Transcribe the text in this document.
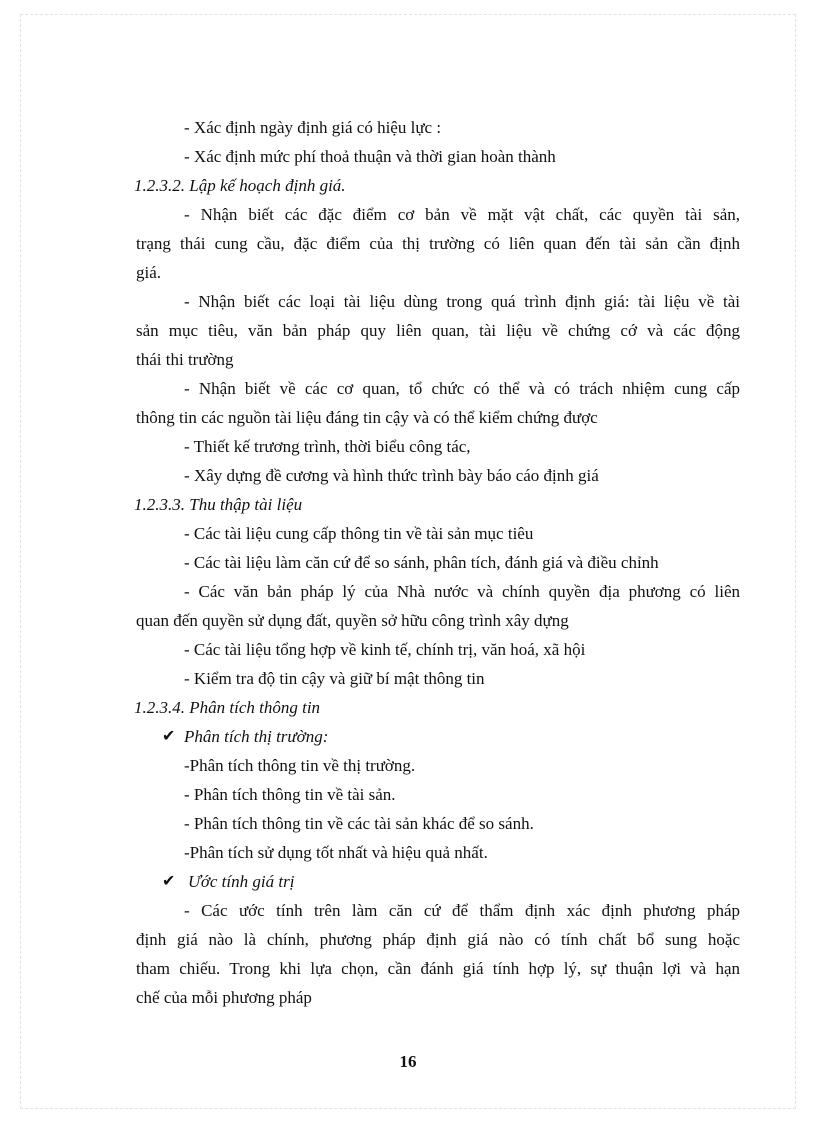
- Xác định ngày định giá có hiệu lực :
- Xác định mức phí thoả thuận và thời gian hoàn thành
1.2.3.2. Lập kế hoạch định giá.
- Nhận biết các đặc điểm cơ bản về mặt vật chất, các quyền tài sản,
trạng thái cung cầu, đặc điểm của thị trường có liên quan đến tài sản cần định
giá.
- Nhận biết các loại tài liệu dùng trong quá trình định giá: tài liệu về tài
sản mục tiêu, văn bản pháp quy liên quan, tài liệu về chứng cớ và các động
thái thi trường
- Nhận biết về các cơ quan, tổ chức có thể và có trách nhiệm cung cấp
thông tin các nguồn tài liệu đáng tin cậy và có thể kiểm chứng được
- Thiết kế trương trình, thời biểu công tác,
- Xây dựng đề cương và hình thức trình bày báo cáo định giá
1.2.3.3. Thu thập tài liệu
- Các tài liệu cung cấp thông tin về tài sản mục tiêu
- Các tài liệu làm căn cứ để so sánh, phân tích, đánh giá và điều chỉnh
- Các văn bản pháp lý của Nhà nước và chính quyền địa phương có liên
quan đến quyền sử dụng đất, quyền sở hữu công trình xây dựng
- Các tài liệu tổng hợp về kinh tế, chính trị, văn hoá, xã hội
- Kiểm tra độ tin cậy và giữ bí mật thông tin
1.2.3.4. Phân tích thông tin
✔ Phân tích thị trường:
-Phân tích thông tin về thị trường.
- Phân tích thông tin về tài sản.
- Phân tích thông tin về các tài sản khác để so sánh.
-Phân tích sử dụng tốt nhất và hiệu quả nhất.
✔ Ước tính giá trị
- Các ước tính trên làm căn cứ để thẩm định xác định phương pháp
định giá nào là chính, phương pháp định giá nào có tính chất bổ sung hoặc
tham chiếu. Trong khi lựa chọn, cần đánh giá tính hợp lý, sự thuận lợi và hạn
chế của mỗi phương pháp
16
